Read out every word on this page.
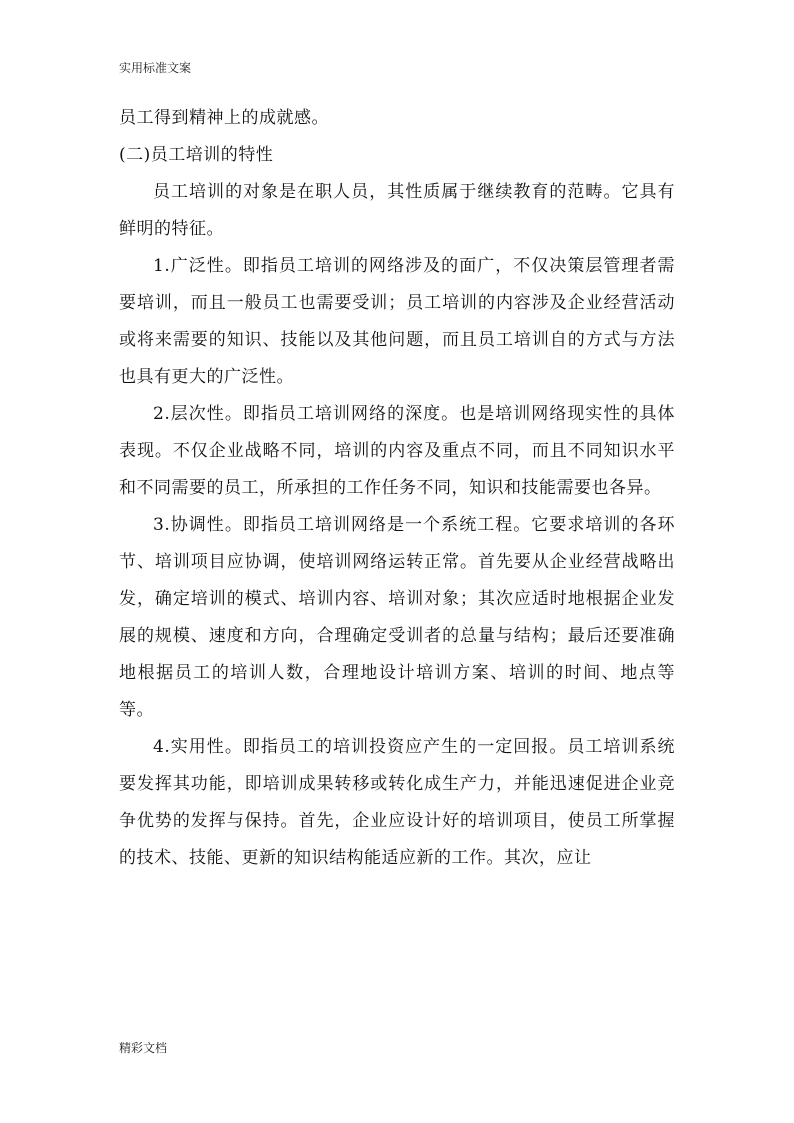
实用标准文案

员工得到精神上的成就感。

(二)员工培训的特性

员工培训的对象是在职人员，其性质属于继续教育的范畴。它具有鲜明的特征。

1.广泛性。即指员工培训的网络涉及的面广，不仅决策层管理者需要培训，而且一般员工也需要受训；员工培训的内容涉及企业经营活动或将来需要的知识、技能以及其他问题，而且员工培训自的方式与方法也具有更大的广泛性。

2.层次性。即指员工培训网络的深度。也是培训网络现实性的具体表现。不仅企业战略不同，培训的内容及重点不同，而且不同知识水平和不同需要的员工，所承担的工作任务不同，知识和技能需要也各异。

3.协调性。即指员工培训网络是一个系统工程。它要求培训的各环节、培训项目应协调，使培训网络运转正常。首先要从企业经营战略出发，确定培训的模式、培训内容、培训对象；其次应适时地根据企业发展的规模、速度和方向，合理确定受训者的总量与结构；最后还要准确地根据员工的培训人数，合理地设计培训方案、培训的时间、地点等等。

4.实用性。即指员工的培训投资应产生的一定回报。员工培训系统要发挥其功能，即培训成果转移或转化成生产力，并能迅速促进企业竞争优势的发挥与保持。首先，企业应设计好的培训项目，使员工所掌握的技术、技能、更新的知识结构能适应新的工作。其次，应让

精彩文档
